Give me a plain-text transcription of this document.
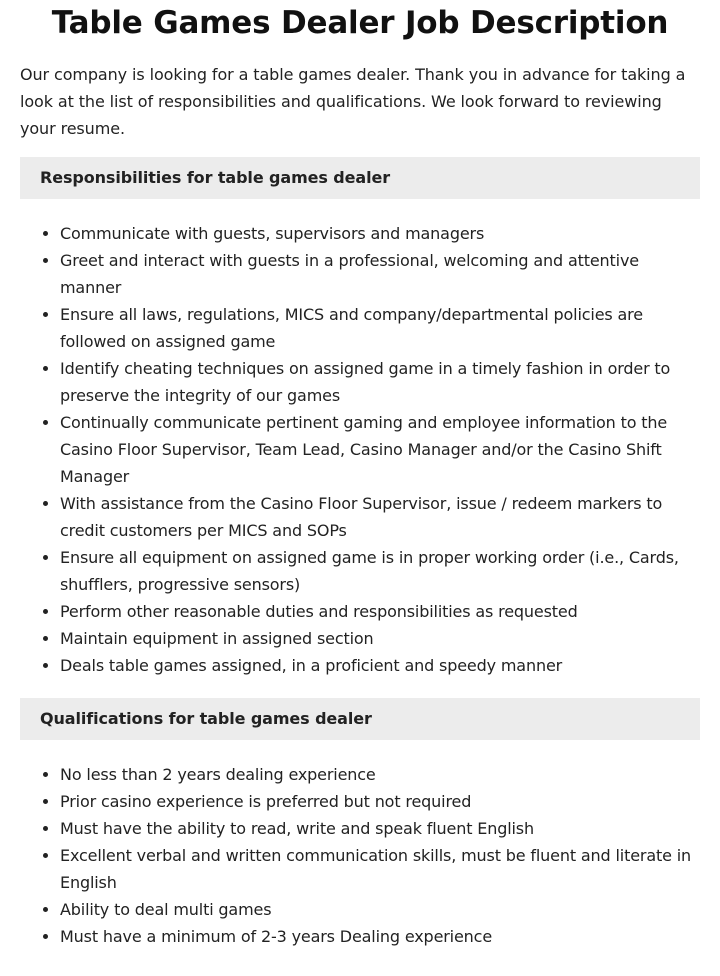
Table Games Dealer Job Description

Our company is looking for a table games dealer. Thank you in advance for taking a look at the list of responsibilities and qualifications. We look forward to reviewing your resume.

Responsibilities for table games dealer
• Communicate with guests, supervisors and managers
• Greet and interact with guests in a professional, welcoming and attentive manner
• Ensure all laws, regulations, MICS and company/departmental policies are followed on assigned game
• Identify cheating techniques on assigned game in a timely fashion in order to preserve the integrity of our games
• Continually communicate pertinent gaming and employee information to the Casino Floor Supervisor, Team Lead, Casino Manager and/or the Casino Shift Manager
• With assistance from the Casino Floor Supervisor, issue / redeem markers to credit customers per MICS and SOPs
• Ensure all equipment on assigned game is in proper working order (i.e., Cards, shufflers, progressive sensors)
• Perform other reasonable duties and responsibilities as requested
• Maintain equipment in assigned section
• Deals table games assigned, in a proficient and speedy manner
Qualifications for table games dealer
• No less than 2 years dealing experience
• Prior casino experience is preferred but not required
• Must have the ability to read, write and speak fluent English
• Excellent verbal and written communication skills, must be fluent and literate in English
• Ability to deal multi games
• Must have a minimum of 2-3 years Dealing experience
